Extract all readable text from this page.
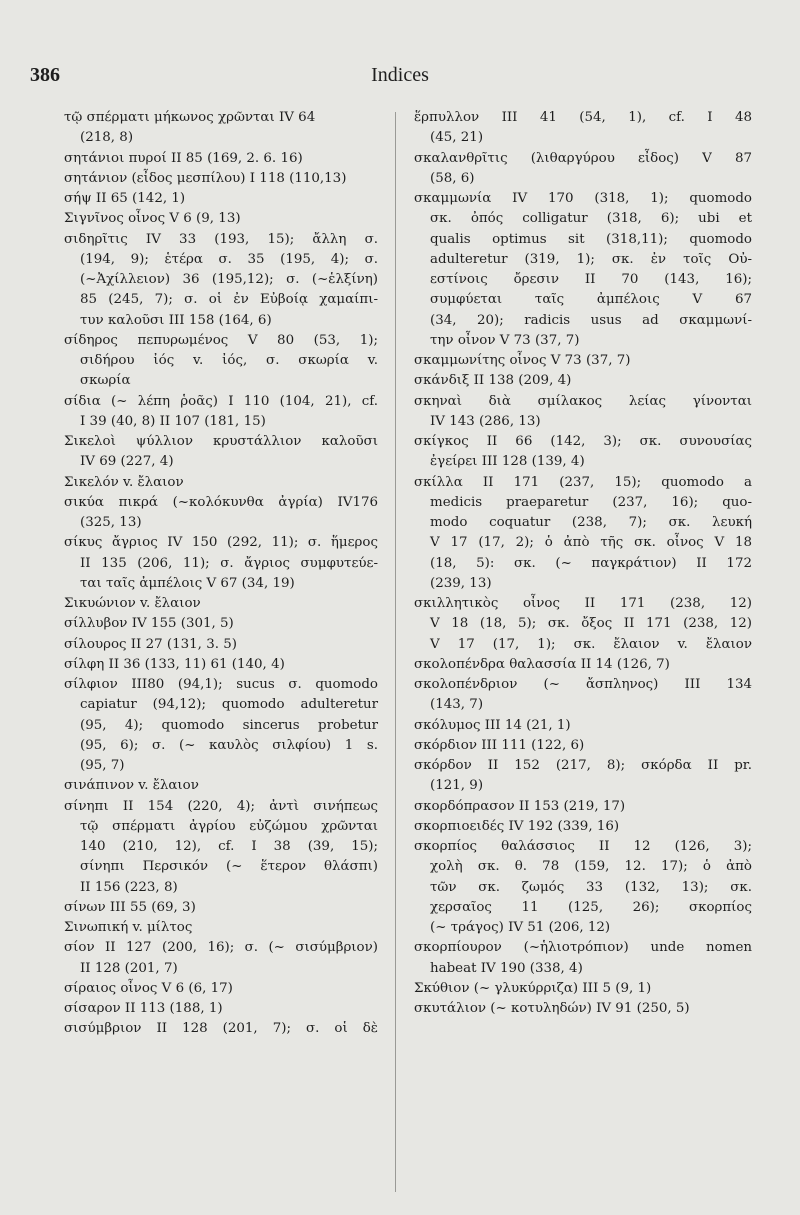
386	Indices
τῷ σπέρματι μήκωνος χρῶνται IV 64
(218, 8)
σητάνιοι πυροί II 85 (169, 2. 6. 16)
σητάνιον (εἶδος μεσπίλου) I 118 (110,13)
σήψ II 65 (142, 1)
Σιγνῖνος οἶνος V 6 (9, 13)
σιδηρῖτις IV 33 (193, 15); ἄλλη σ.
(194, 9); ἑτέρα σ. 35 (195, 4); σ.
(~Ἀχίλλειον) 36 (195,12); σ. (~ἑλξίνη)
85 (245, 7); σ. οἱ ἐν Εὐβοίᾳ χαμαίπι-
τυν καλοῦσι III 158 (164, 6)
σίδηρος πεπυρωμένος V 80 (53, 1);
σιδήρου ἰός v. ἰός, σ. σκωρία v.
σκωρία
σίδια (~ λέπη ῥοᾶς) I 110 (104, 21), cf.
I 39 (40, 8) II 107 (181, 15)
Σικελοὶ ψύλλιον κρυστάλλιον καλοῦσι
IV 69 (227, 4)
Σικελόν v. ἔλαιον
σικύα πικρά (~κολόκυνθα ἀγρία) IV176
(325, 13)
σίκυς ἄγριος IV 150 (292, 11); σ. ἥμερος
II 135 (206, 11); σ. ἄγριος συμφυτεύε-
ται ταῖς ἀμπέλοις V 67 (34, 19)
Σικυώνιον v. ἔλαιον
σίλλυβον IV 155 (301, 5)
σίλουρος II 27 (131, 3. 5)
σίλφη II 36 (133, 11) 61 (140, 4)
σίλφιον III80 (94,1); sucus σ. quomodo
capiatur (94,12); quomodo adulteretur
(95, 4); quomodo sincerus probetur
(95, 6); σ. (~ καυλὸς σιλφίου) 1 s.
(95, 7)
σινάπινον v. ἔλαιον
σίνηπι II 154 (220, 4); ἀντὶ σινήπεως
τῷ σπέρματι ἀγρίου εὐζώμου χρῶνται
140 (210, 12), cf. I 38 (39, 15);
σίνηπι Περσικόν (~ ἕτερον θλάσπι)
II 156 (223, 8)
σίνων III 55 (69, 3)
Σινωπική v. μίλτος
σίον II 127 (200, 16); σ. (~ σισύμβριον)
II 128 (201, 7)
σίραιος οἶνος V 6 (6, 17)
σίσαρον II 113 (188, 1)
σισύμβριον II 128 (201, 7); σ. οἱ δὲ
ἕρπυλλον III 41 (54, 1), cf. I 48
(45, 21)
σκαλανθρῖτις (λιθαργύρου εἶδος) V 87
(58, 6)
σκαμμωνία IV 170 (318, 1); quomodo
σκ. ὀπός colligatur (318, 6); ubi et
qualis optimus sit (318,11); quomodo
adulteretur (319, 1); σκ. ἐν τοῖς Οὐ-
εστίνοις ὄρεσιν II 70 (143, 16);
συμφύεται ταῖς ἀμπέλοις V 67
(34, 20); radicis usus ad σκαμμωνί-
την οἶνον V 73 (37, 7)
σκαμμωνίτης οἶνος V 73 (37, 7)
σκάνδιξ II 138 (209, 4)
σκηναὶ διὰ σμίλακος λείας γίνονται
IV 143 (286, 13)
σκίγκος II 66 (142, 3); σκ. συνουσίας
ἐγείρει III 128 (139, 4)
σκίλλα II 171 (237, 15); quomodo a
medicis praeparetur (237, 16); quo-
modo coquatur (238, 7); σκ. λευκή
V 17 (17, 2); ὁ ἀπὸ τῆς σκ. οἶνος V 18
(18, 5): σκ. (~ παγκράτιον) II 172
(239, 13)
σκιλλητικὸς οἶνος II 171 (238, 12)
V 18 (18, 5); σκ. ὄξος II 171 (238, 12)
V 17 (17, 1); σκ. ἔλαιον v. ἔλαιον
σκολοπένδρα θαλασσία II 14 (126, 7)
σκολοπένδριον (~ ἄσπληνος) III 134
(143, 7)
σκόλυμος III 14 (21, 1)
σκόρδιον III 111 (122, 6)
σκόρδον II 152 (217, 8); σκόρδα II pr.
(121, 9)
σκορδόπρασον II 153 (219, 17)
σκορπιοειδές IV 192 (339, 16)
σκορπίος θαλάσσιος II 12 (126, 3);
χολὴ σκ. θ. 78 (159, 12. 17); ὁ ἀπὸ
τῶν σκ. ζωμός 33 (132, 13); σκ.
χερσαῖος 11 (125, 26); σκορπίος
(~ τράγος) IV 51 (206, 12)
σκορπίουρον (~ἡλιοτρόπιον) unde nomen
habeat IV 190 (338, 4)
Σκύθιον (~ γλυκύρριζα) III 5 (9, 1)
σκυτάλιον (~ κοτυληδών) IV 91 (250, 5)
